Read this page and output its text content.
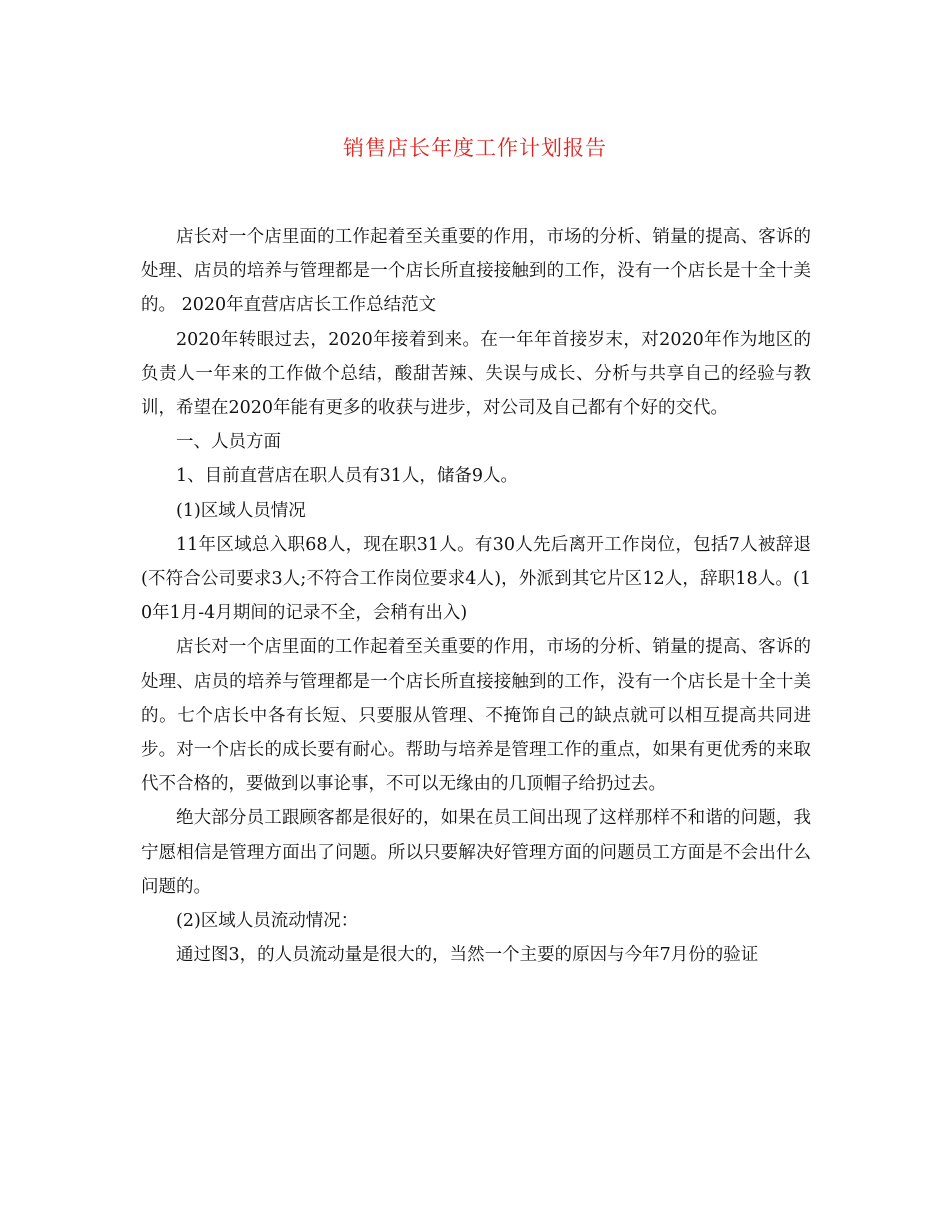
销售店长年度工作计划报告

店长对一个店里面的工作起着至关重要的作用，市场的分析、销量的提高、客诉的处理、店员的培养与管理都是一个店长所直接接触到的工作，没有一个店长是十全十美的。 2020年直营店店长工作总结范文

2020年转眼过去，2020年接着到来。在一年年首接岁末，对2020年作为地区的负责人一年来的工作做个总结，酸甜苦辣、失误与成长、分析与共享自己的经验与教训，希望在2020年能有更多的收获与进步，对公司及自己都有个好的交代。

一、人员方面

1、目前直营店在职人员有31人，储备9人。

(1)区域人员情况

11年区域总入职68人，现在职31人。有30人先后离开工作岗位，包括7人被辞退(不符合公司要求3人;不符合工作岗位要求4人)，外派到其它片区12人，辞职18人。(10年1月-4月期间的记录不全，会稍有出入)

店长对一个店里面的工作起着至关重要的作用，市场的分析、销量的提高、客诉的处理、店员的培养与管理都是一个店长所直接接触到的工作，没有一个店长是十全十美的。七个店长中各有长短、只要服从管理、不掩饰自己的缺点就可以相互提高共同进步。对一个店长的成长要有耐心。帮助与培养是管理工作的重点，如果有更优秀的来取代不合格的，要做到以事论事，不可以无缘由的几顶帽子给扔过去。

绝大部分员工跟顾客都是很好的，如果在员工间出现了这样那样不和谐的问题，我宁愿相信是管理方面出了问题。所以只要解决好管理方面的问题员工方面是不会出什么问题的。

(2)区域人员流动情况：

通过图3，的人员流动量是很大的，当然一个主要的原因与今年7月份的验证
